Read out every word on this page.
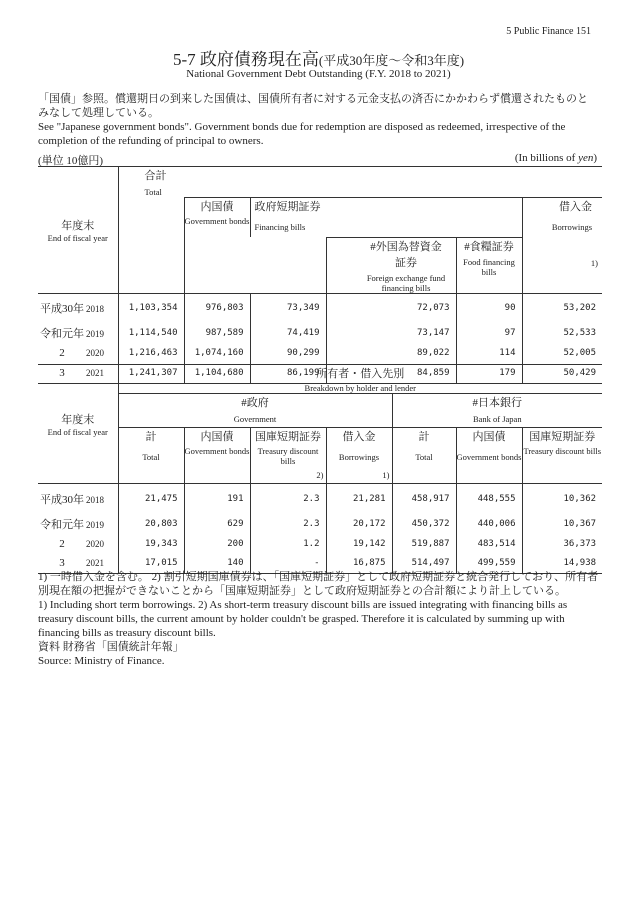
5 Public Finance 151
5-7 政府債務現在高(平成30年度～令和3年度)
National Government Debt Outstanding (F.Y. 2018 to 2021)
「国債」参照。償還期日の到来した国債は、国債所有者に対する元金支払の済否にかかわらず償還されたものとみなして処理している。
See "Japanese government bonds". Government bonds due for redemption are disposed as redeemed, irrespective of the completion of the refunding of principal to owners.
(単位 10億円)	(In billions of yen)
年度末
End of fiscal year	合計
Total					

		内国債
Government bonds	政府短期証券
Financing bills			借入金
Borrowings
1)

				#外国為替資金証券
Foreign exchange fund financing bills	#食糧証券
Food financing bills	

平成30年 2018	1,103,354	976,803	73,349	72,073	90	53,202
令和元年 2019	1,114,540	987,589	74,419	73,147	97	52,533
2 2020	1,216,463	1,074,160	90,299	89,022	114	52,005
3 2021	1,241,307	1,104,680	86,199	84,859	179	50,429
年度末
End of fiscal year	所有者・借入先別
Breakdown by holder and lender						

	#政府
Government				#日本銀行
Bank of Japan		

	計
Total	内国債
Government bonds	国庫短期証券
Treasury discount bills
2)	借入金
Borrowings
1)	計
Total	内国債
Government bonds	国庫短期証券
Treasury discount bills

平成30年 2018	21,475	191	2.3	21,281	458,917	448,555	10,362
令和元年 2019	20,803	629	2.3	20,172	450,372	440,006	10,367
2 2020	19,343	200	1.2	19,142	519,887	483,514	36,373
3 2021	17,015	140	-	16,875	514,497	499,559	14,938
1) 一時借入金を含む。 2) 割引短期国庫債券は、「国庫短期証券」として政府短期証券と統合発行しており、所有者別現在額の把握ができないことから「国庫短期証券」として政府短期証券との合計額により計上している。
1) Including short term borrowings. 2) As short-term treasury discount bills are issued integrating with financing bills as treasury discount bills, the current amount by holder couldn't be grasped. Therefore it is calculated by summing up with financing bills as treasury discount bills.
資料 財務省「国債統計年報」
Source: Ministry of Finance.
